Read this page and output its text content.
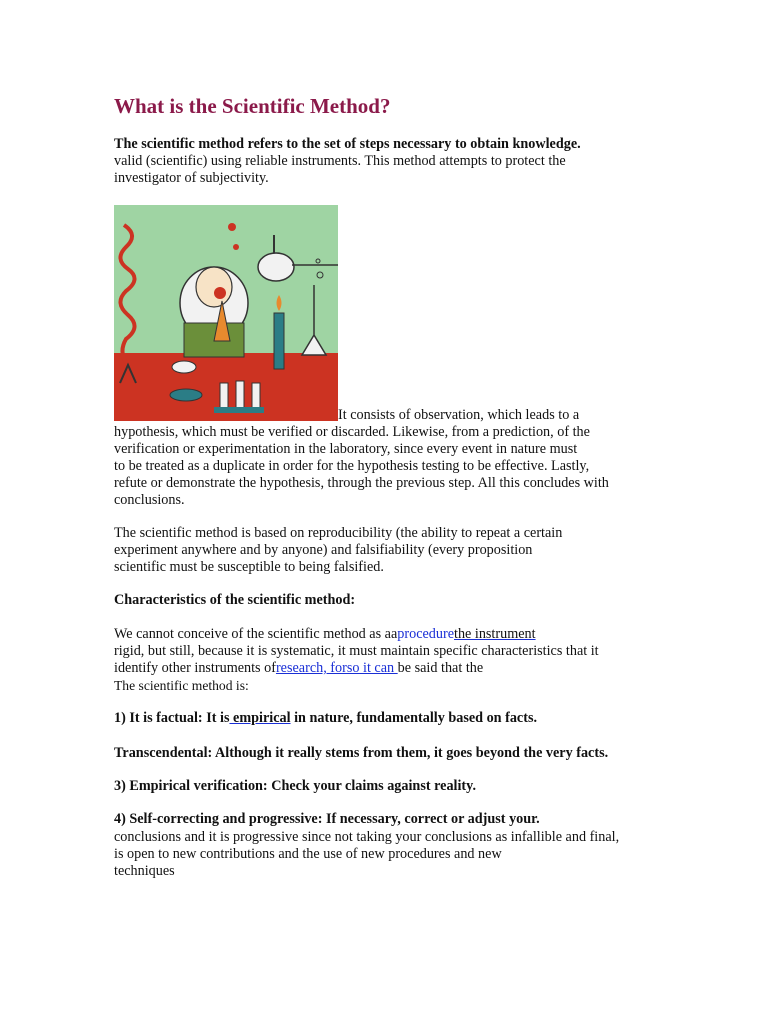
What is the Scientific Method?
The scientific method refers to the set of steps necessary to obtain knowledge.
valid (scientific) using reliable instruments. This method attempts to protect the
investigator of subjectivity.
It consists of observation, which leads to a
hypothesis, which must be verified or discarded. Likewise, from a prediction, of the
verification or experimentation in the laboratory, since every event in nature must
to be treated as a duplicate in order for the hypothesis testing to be effective. Lastly,
refute or demonstrate the hypothesis, through the previous step. All this concludes with
conclusions.
The scientific method is based on reproducibility (the ability to repeat a certain
experiment anywhere and by anyone) and falsifiability (every proposition
scientific must be susceptible to being falsified.
Characteristics of the scientific method:
We cannot conceive of the scientific method as aaprocedurethe instrument
rigid, but still, because it is systematic, it must maintain specific characteristics that it
identify other instruments ofresearch, forso it can be said that the
The scientific method is:
1) It is factual: It is empirical in nature, fundamentally based on facts.
Transcendental: Although it really stems from them, it goes beyond the very facts.
3) Empirical verification: Check your claims against reality.
4) Self-correcting and progressive: If necessary, correct or adjust your.
conclusions and it is progressive since not taking your conclusions as infallible and final,
is open to new contributions and the use of new procedures and new
techniques
